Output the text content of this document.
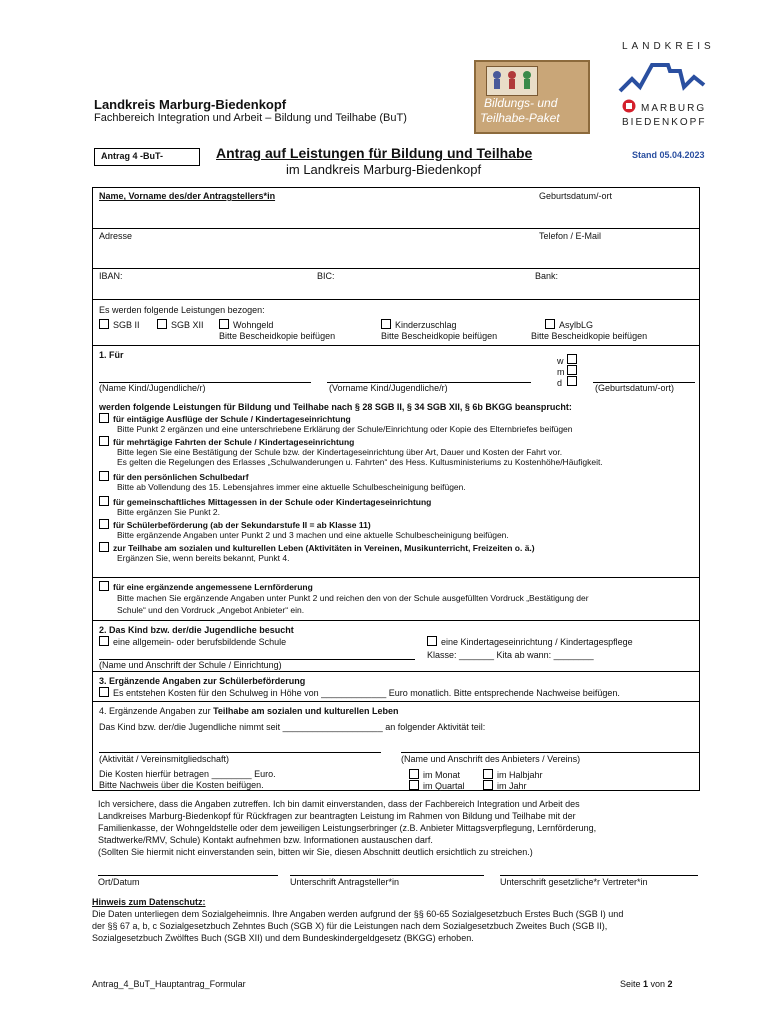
LANDKREIS
MARBURG
BIEDENKOPF
Bildungs- und
Teilhabe-Paket
Landkreis Marburg-Biedenkopf
Fachbereich Integration und Arbeit – Bildung und Teilhabe (BuT)
Antrag 4 -BuT-	Antrag auf Leistungen für Bildung und Teilhabe
im Landkreis Marburg-Biedenkopf
Stand 05.04.2023
Name, Vorname des/der Antragstellers*in	Geburtsdatum/-ort
Adresse	Telefon / E-Mail
IBAN:	BIC:	Bank:
Es werden folgende Leistungen bezogen:
SGB II	SGB XII	Wohngeld
Bitte Bescheidkopie beifügen
Kinderzuschlag
Bitte Bescheidkopie beifügen
AsylbLG
Bitte Bescheidkopie beifügen
1. Für
w
m
d
(Name Kind/Jugendliche/r)	(Vorname Kind/Jugendliche/r)	(Geburtsdatum/-ort)
werden folgende Leistungen für Bildung und Teilhabe nach § 28 SGB II, § 34 SGB XII, § 6b BKGG beansprucht:
für eintägige Ausflüge der Schule / Kindertageseinrichtung
Bitte Punkt 2 ergänzen und eine unterschriebene Erklärung der Schule/Einrichtung oder Kopie des Elternbriefes beifügen
für mehrtägige Fahrten der Schule / Kindertageseinrichtung
Bitte legen Sie eine Bestätigung der Schule bzw. der Kindertageseinrichtung über Art, Dauer und Kosten der Fahrt vor.
Es gelten die Regelungen des Erlasses „Schulwanderungen u. Fahrten“ des Hess. Kultusministeriums zu Kostenhöhe/Häufigkeit.
für den persönlichen Schulbedarf
Bitte ab Vollendung des 15. Lebensjahres immer eine aktuelle Schulbescheinigung beifügen.
für gemeinschaftliches Mittagessen in der Schule oder Kindertageseinrichtung
Bitte ergänzen Sie Punkt 2.
für Schülerbeförderung (ab der Sekundarstufe II = ab Klasse 11)
Bitte ergänzende Angaben unter Punkt 2 und 3 machen und eine aktuelle Schulbescheinigung beifügen.
zur Teilhabe am sozialen und kulturellen Leben (Aktivitäten in Vereinen, Musikunterricht, Freizeiten o. ä.)
Ergänzen Sie, wenn bereits bekannt, Punkt 4.
für eine ergänzende angemessene Lernförderung
Bitte machen Sie ergänzende Angaben unter Punkt 2 und reichen den von der Schule ausgefüllten Vordruck „Bestätigung der
Schule“ und den Vordruck „Angebot Anbieter“ ein.
2. Das Kind bzw. der/die Jugendliche besucht
eine allgemein- oder berufsbildende Schule	eine Kindertageseinrichtung / Kindertagespflege
Klasse: _______ Kita ab wann: ________
(Name und Anschrift der Schule / Einrichtung)
3. Ergänzende Angaben zur Schülerbeförderung
Es entstehen Kosten für den Schulweg in Höhe von _____________ Euro monatlich. Bitte entsprechende Nachweise beifügen.
4. Ergänzende Angaben zur Teilhabe am sozialen und kulturellen Leben
Das Kind bzw. der/die Jugendliche nimmt seit ____________________ an folgender Aktivität teil:
(Aktivität / Vereinsmitgliedschaft)	(Name und Anschrift des Anbieters / Vereins)
Die Kosten hierfür betragen ________ Euro.
Bitte Nachweis über die Kosten beifügen.
im Monat
im Quartal
im Halbjahr
im Jahr
Ich versichere, dass die Angaben zutreffen. Ich bin damit einverstanden, dass der Fachbereich Integration und Arbeit des
Landkreises Marburg-Biedenkopf für Rückfragen zur beantragten Leistung im Rahmen von Bildung und Teilhabe mit der
Familienkasse, der Wohngeldstelle oder dem jeweiligen Leistungserbringer (z.B. Anbieter Mittagsverpflegung, Lernförderung,
Stadtwerke/RMV, Schule) Kontakt aufnehmen bzw. Informationen austauschen darf.
(Sollten Sie hiermit nicht einverstanden sein, bitten wir Sie, diesen Abschnitt deutlich ersichtlich zu streichen.)
Ort/Datum	Unterschrift Antragsteller*in	Unterschrift gesetzliche*r Vertreter*in
Hinweis zum Datenschutz:
Die Daten unterliegen dem Sozialgeheimnis. Ihre Angaben werden aufgrund der §§ 60-65 Sozialgesetzbuch Erstes Buch (SGB I) und
der §§ 67 a, b, c Sozialgesetzbuch Zehntes Buch (SGB X) für die Leistungen nach dem Sozialgesetzbuch Zweites Buch (SGB II),
Sozialgesetzbuch Zwölftes Buch (SGB XII) und dem Bundeskindergeldgesetz (BKGG) erhoben.
Antrag_4_BuT_Hauptantrag_Formular	Seite 1 von 2
